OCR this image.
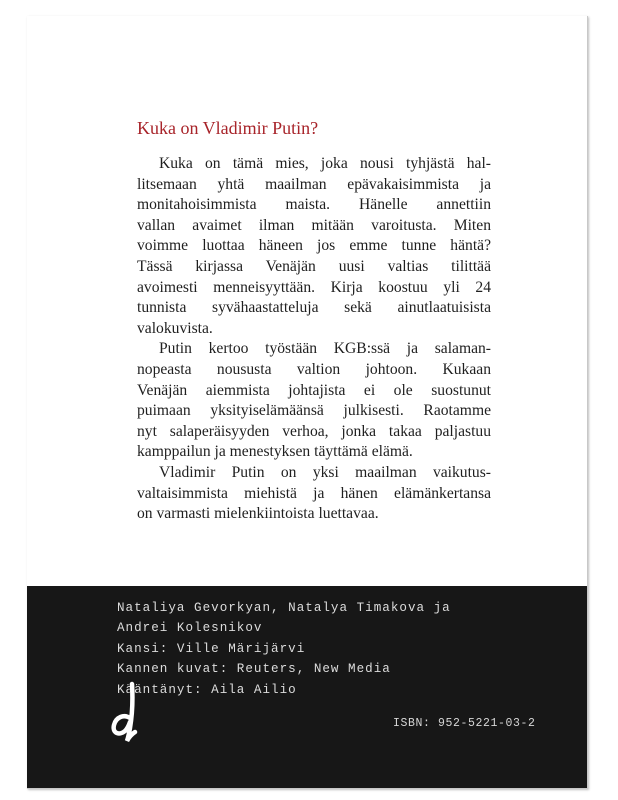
Kuka on Vladimir Putin?
Kuka on tämä mies, joka nousi tyhjästä hal-
litsemaan yhtä maailman epävakaisimmista ja
monitahoisimmista maista. Hänelle annettiin
vallan avaimet ilman mitään varoitusta. Miten
voimme luottaa häneen jos emme tunne häntä?
Tässä kirjassa Venäjän uusi valtias tilittää
avoimesti menneisyyttään. Kirja koostuu yli 24
tunnista syvähaastatteluja sekä ainutlaatuisista
valokuvista.
Putin kertoo työstään KGB:ssä ja salaman-
nopeasta noususta valtion johtoon. Kukaan
Venäjän aiemmista johtajista ei ole suostunut
puimaan yksityiselämäänsä julkisesti. Raotamme
nyt salaperäisyyden verhoa, jonka takaa paljastuu
kamppailun ja menestyksen täyttämä elämä.
Vladimir Putin on yksi maailman vaikutus-
valtaisimmista miehistä ja hänen elämänkertansa
on varmasti mielenkiintoista luettavaa.
Nataliya Gevorkyan, Natalya Timakova ja
Andrei Kolesnikov
Kansi: Ville Märijärvi
Kannen kuvat: Reuters, New Media
Kääntänyt: Aila Ailio
ISBN: 952-5221-03-2
